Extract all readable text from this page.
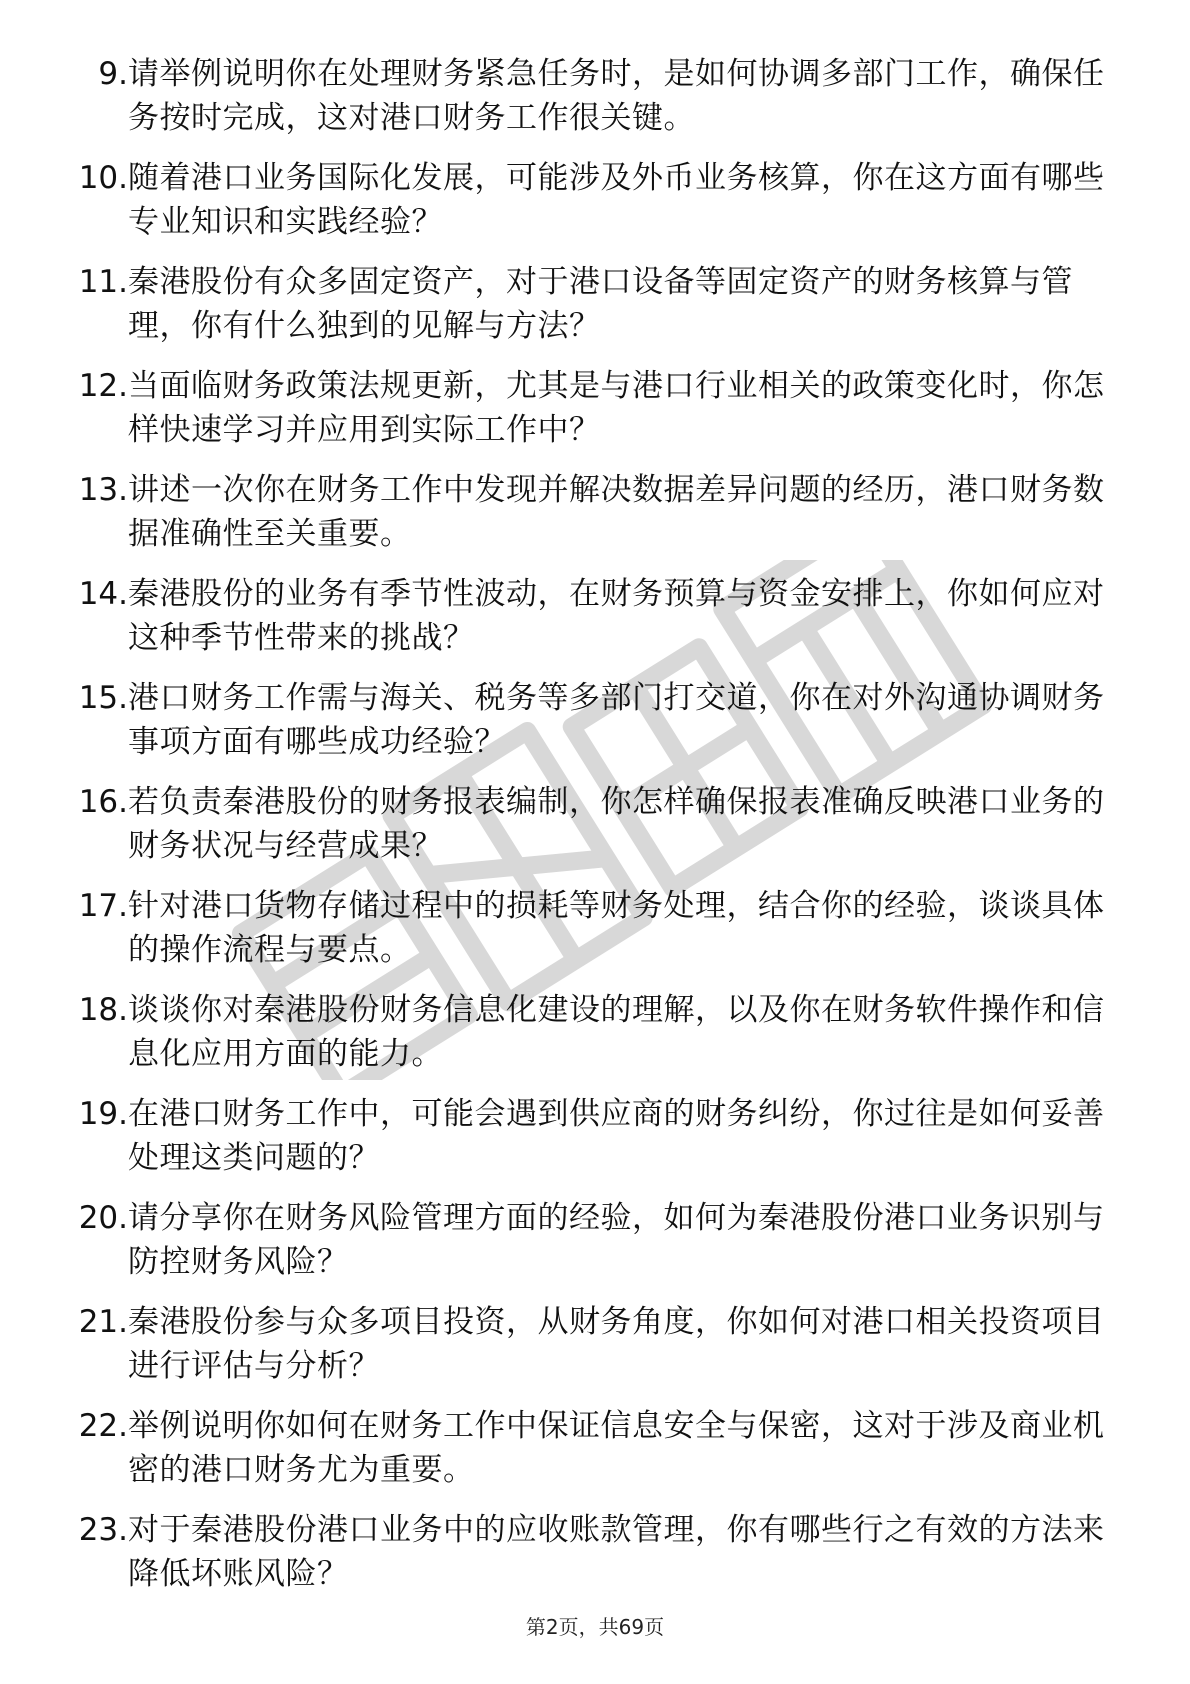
9. 请举例说明你在处理财务紧急任务时，是如何协调多部门工作，确保任务按时完成，这对港口财务工作很关键。
10. 随着港口业务国际化发展，可能涉及外币业务核算，你在这方面有哪些专业知识和实践经验？
11. 秦港股份有众多固定资产，对于港口设备等固定资产的财务核算与管理，你有什么独到的见解与方法？
12. 当面临财务政策法规更新，尤其是与港口行业相关的政策变化时，你怎样快速学习并应用到实际工作中？
13. 讲述一次你在财务工作中发现并解决数据差异问题的经历，港口财务数据准确性至关重要。
14. 秦港股份的业务有季节性波动，在财务预算与资金安排上，你如何应对这种季节性带来的挑战？
15. 港口财务工作需与海关、税务等多部门打交道，你在对外沟通协调财务事项方面有哪些成功经验？
16. 若负责秦港股份的财务报表编制，你怎样确保报表准确反映港口业务的财务状况与经营成果？
17. 针对港口货物存储过程中的损耗等财务处理，结合你的经验，谈谈具体的操作流程与要点。
18. 谈谈你对秦港股份财务信息化建设的理解，以及你在财务软件操作和信息化应用方面的能力。
19. 在港口财务工作中，可能会遇到供应商的财务纠纷，你过往是如何妥善处理这类问题的？
20. 请分享你在财务风险管理方面的经验，如何为秦港股份港口业务识别与防控财务风险？
21. 秦港股份参与众多项目投资，从财务角度，你如何对港口相关投资项目进行评估与分析？
22. 举例说明你如何在财务工作中保证信息安全与保密，这对于涉及商业机密的港口财务尤为重要。
23. 对于秦港股份港口业务中的应收账款管理，你有哪些行之有效的方法来降低坏账风险？
第2页，共69页
